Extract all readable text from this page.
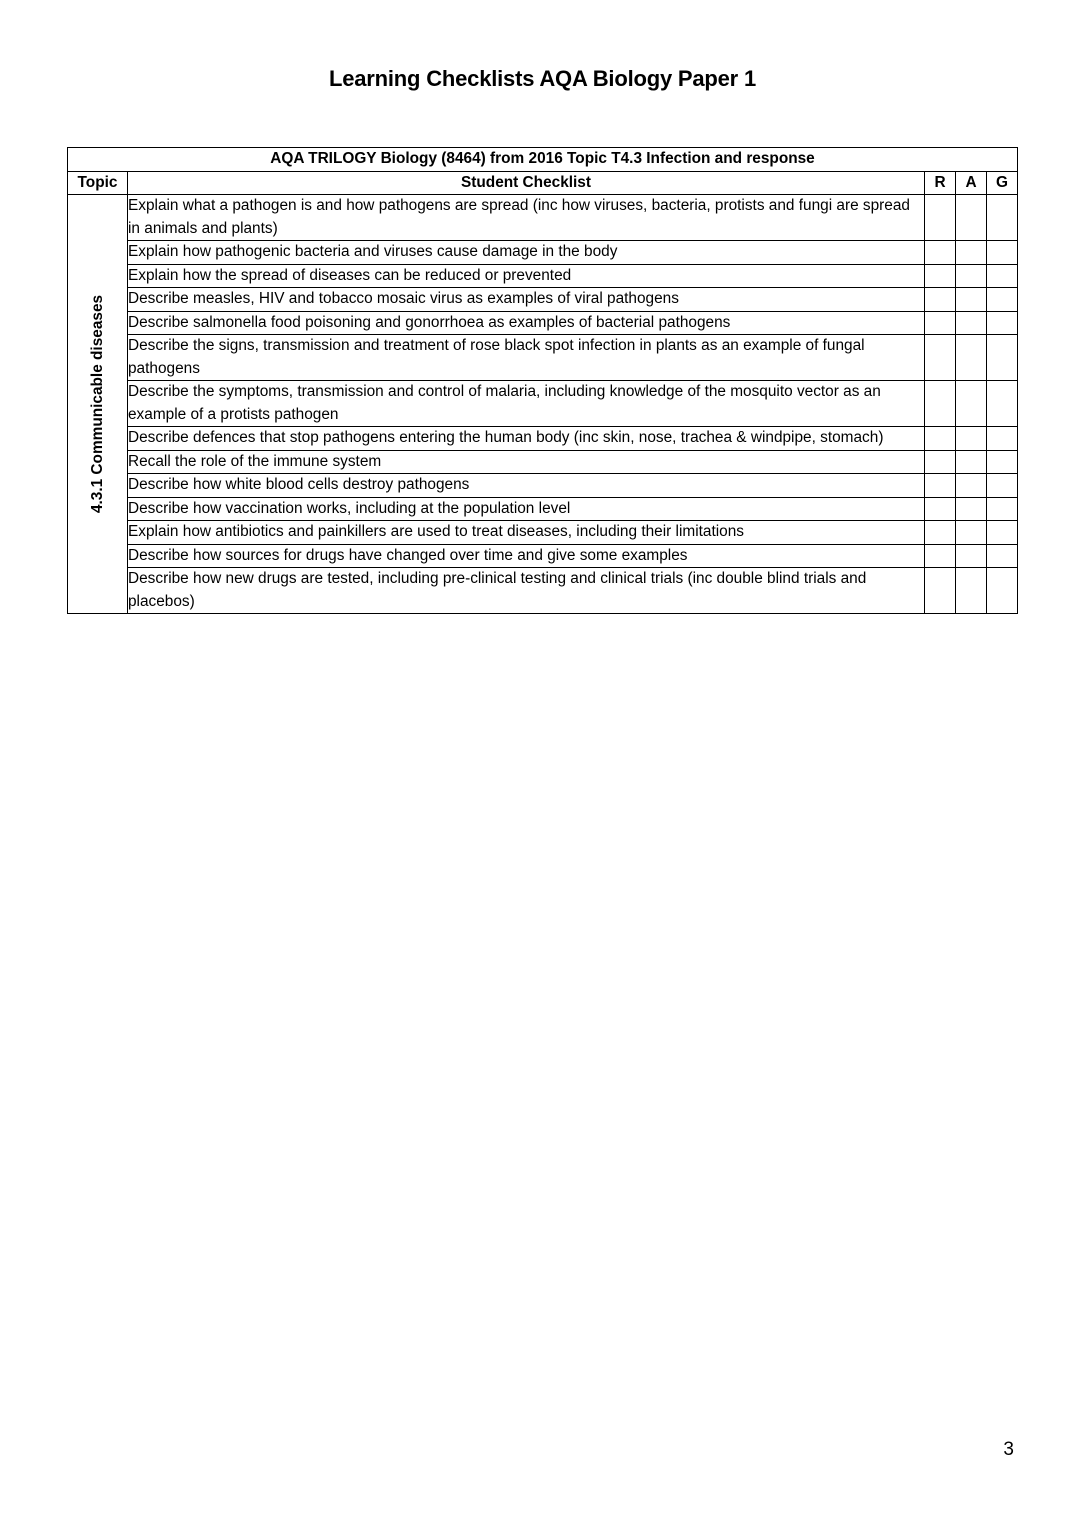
Learning Checklists AQA Biology Paper 1
AQA TRILOGY Biology (8464) from 2016 Topic T4.3 Infection and response				
Topic	Student Checklist	R	A	G

4.3.1 Communicable diseases	Explain what a pathogen is and how pathogens are spread (inc how viruses, bacteria, protists and fungi are spread in animals and plants)			
	Explain how pathogenic bacteria and viruses cause damage in the body			
	Explain how the spread of diseases can be reduced or prevented			
	Describe measles, HIV and tobacco mosaic virus as examples of viral pathogens			
	Describe salmonella food poisoning and gonorrhoea as examples of bacterial pathogens			
	Describe the signs, transmission and treatment of rose black spot infection in plants as an example of fungal pathogens			
	Describe the symptoms, transmission and control of malaria, including knowledge of the mosquito vector as an example of a protists pathogen			
	Describe defences that stop pathogens entering the human body (inc skin, nose, trachea & windpipe, stomach)			
	Recall the role of the immune system			
	Describe how white blood cells destroy pathogens			
	Describe how vaccination works, including at the population level			
	Explain how antibiotics and painkillers are used to treat diseases, including their limitations			
	Describe how sources for drugs have changed over time and give some examples			
	Describe how new drugs are tested, including pre-clinical testing and clinical trials (inc double blind trials and placebos)			
3
